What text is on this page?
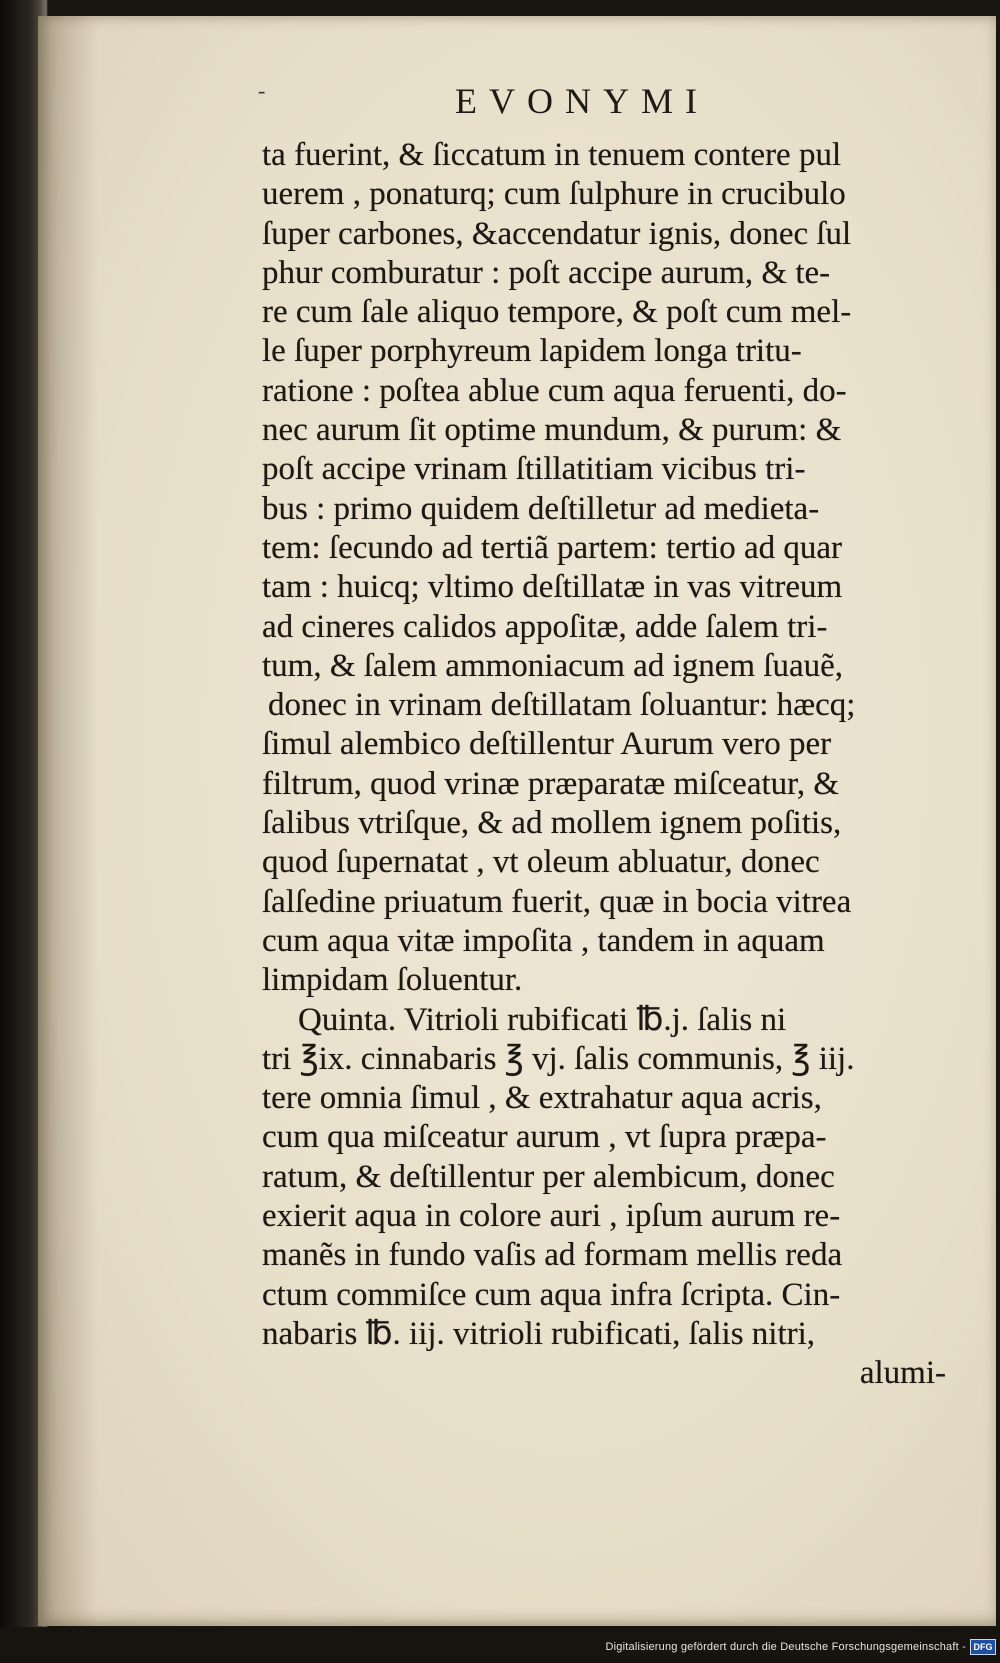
-	EVONYMI
ta fuerint, & ſiccatum in tenuem contere pul
uerem , ponaturq; cum ſulphure in crucibulo
ſuper carbones, &accendatur ignis, donec ſul
phur comburatur : poſt accipe aurum, & te-
re cum ſale aliquo tempore, & poſt cum mel-
le ſuper porphyreum lapidem longa tritu-
ratione : poſtea ablue cum aqua feruenti, do-
nec aurum ſit optime mundum, & purum: &
poſt accipe vrinam ſtillatitiam vicibus tri-
bus : primo quidem deſtilletur ad medieta-
tem: ſecundo ad tertiã partem: tertio ad quar
tam : huicq; vltimo deſtillatæ in vas vitreum
ad cineres calidos appoſitæ, adde ſalem tri-
tum, & ſalem ammoniacum ad ignem ſuauẽ,
donec in vrinam deſtillatam ſoluantur: hæcq;
ſimul alembico deſtillentur Aurum vero per
filtrum, quod vrinæ præparatæ miſceatur, &
ſalibus vtriſque, & ad mollem ignem poſitis,
quod ſupernatat , vt oleum abluatur, donec
ſalſedine priuatum fuerit, quæ in bocia vitrea
cum aqua vitæ impoſita , tandem in aquam
limpidam ſoluentur.
Quinta. Vitrioli rubificati ℔.j. ſalis ni
tri ℥ix. cinnabaris ℥ vj. ſalis communis, ℥ iij.
tere omnia ſimul , & extrahatur aqua acris,
cum qua miſceatur aurum , vt ſupra præpa-
ratum, & deſtillentur per alembicum, donec
exierit aqua in colore auri , ipſum aurum re-
manẽs in fundo vaſis ad formam mellis reda
ctum commiſce cum aqua infra ſcripta. Cin-
nabaris ℔. iij. vitrioli rubificati, ſalis nitri,
alumi-
Digitalisierung gefördert durch die Deutsche Forschungsgemeinschaft - DFG
